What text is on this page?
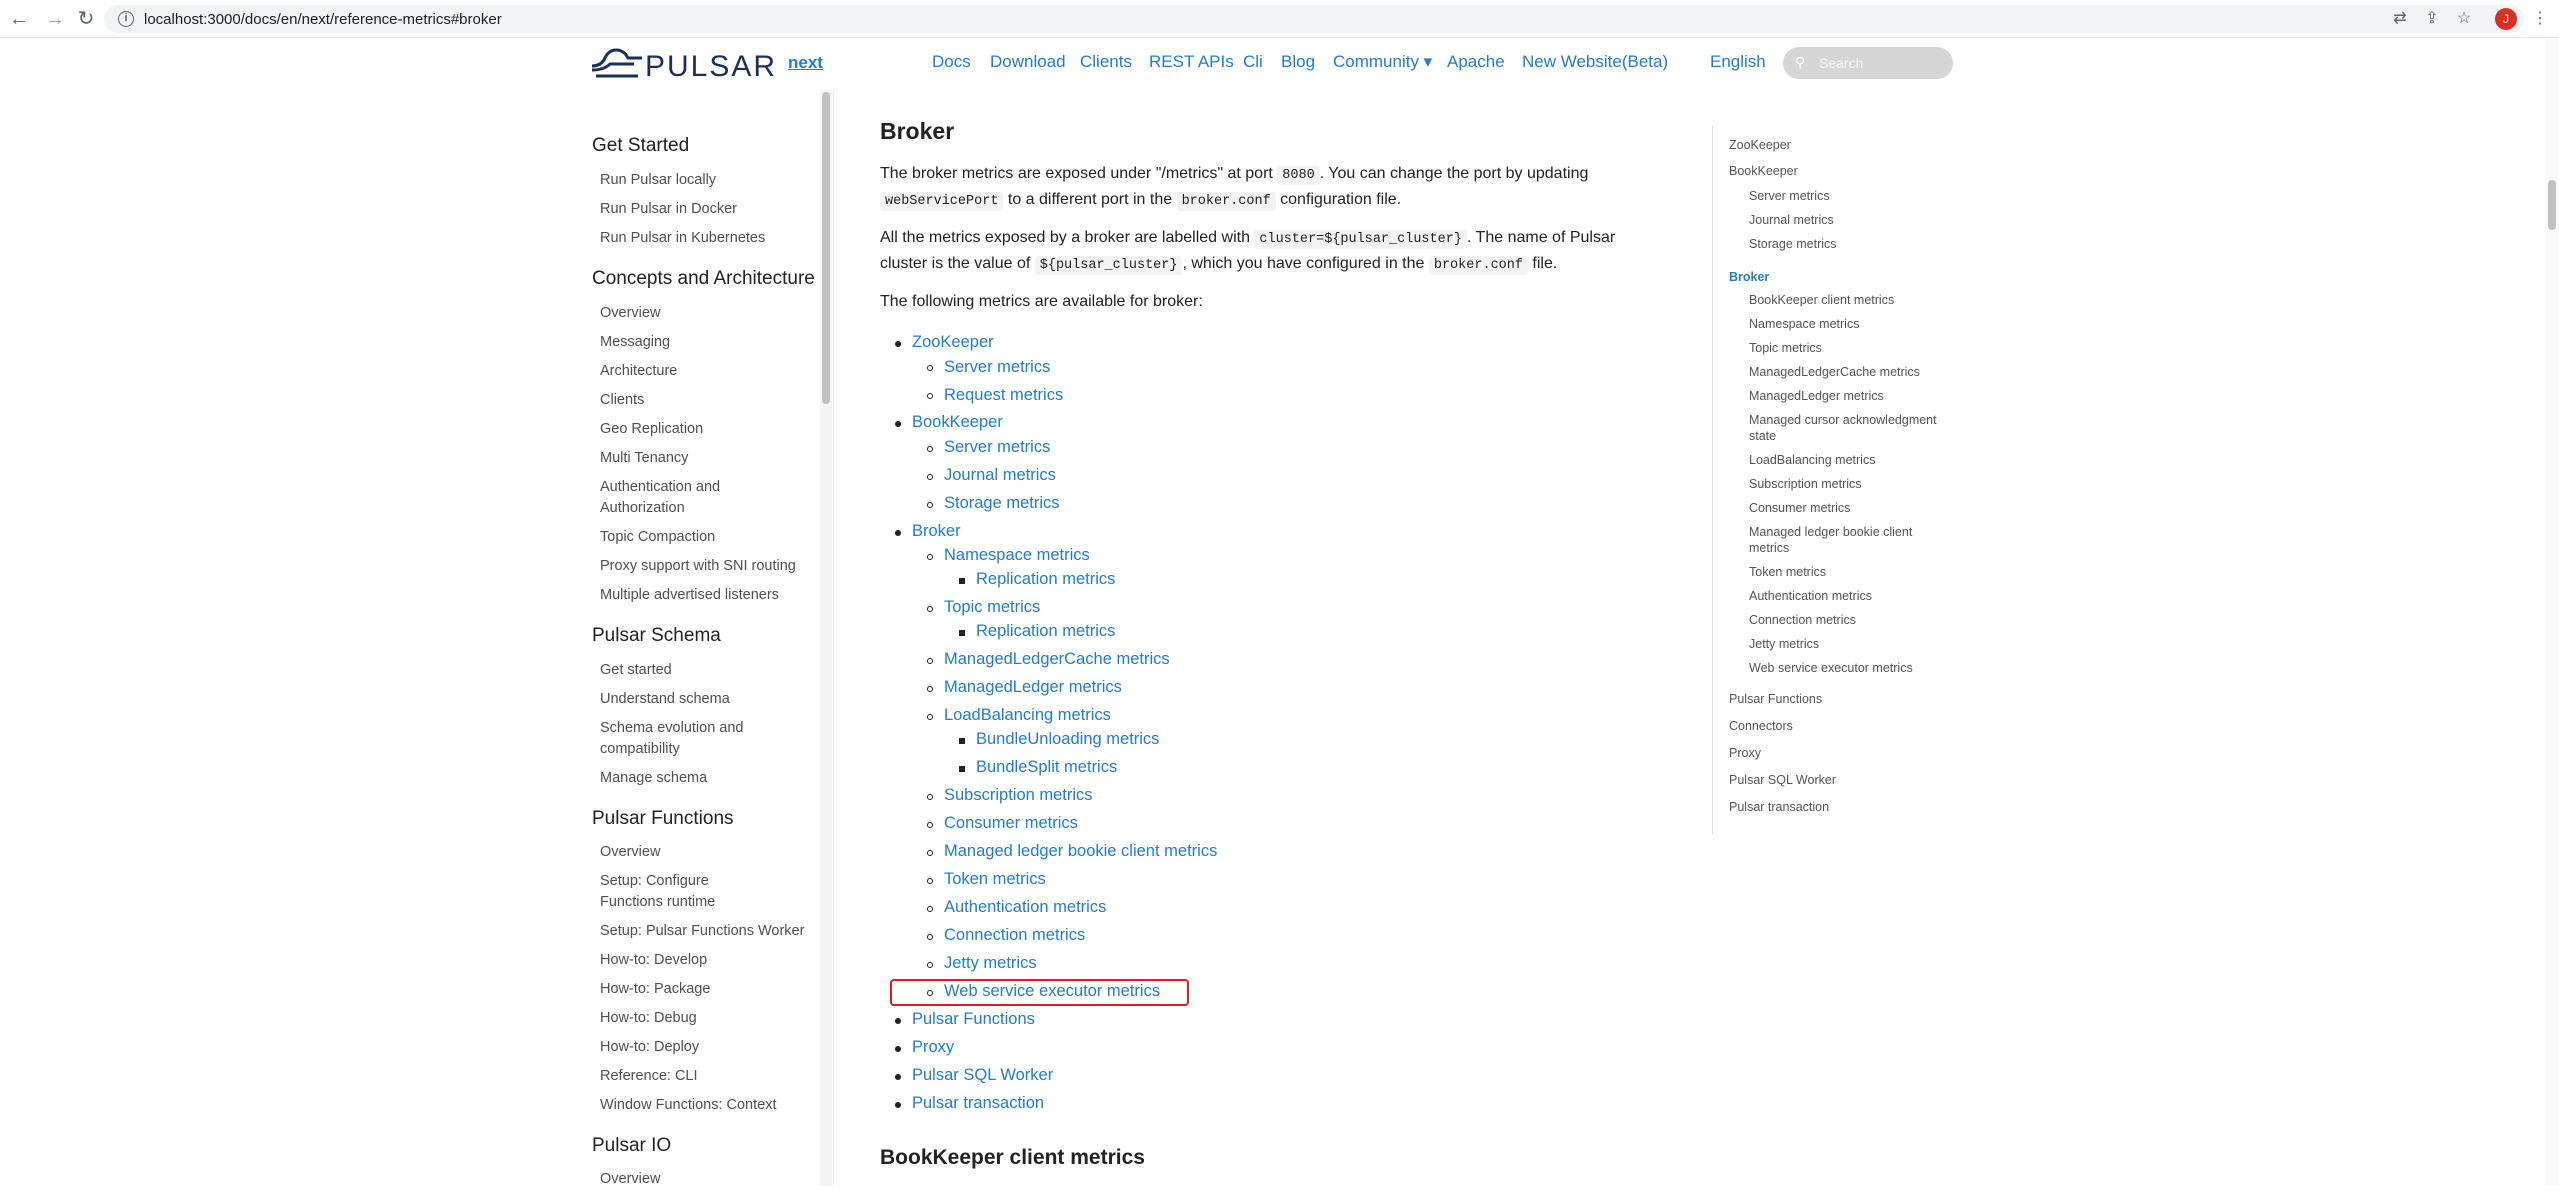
← → ↻	i	localhost:3000/docs/en/next/reference-metrics#broker	⇄ ⇪ ☆	J	⋮
PULSAR next	Docs Download Clients REST APIs Cli Blog Community ▾ Apache New Website(Beta) English ⚲
Search
Get Started
Run Pulsar locally
Run Pulsar in Docker
Run Pulsar in Kubernetes
Concepts and Architecture
Overview
Messaging
Architecture
Clients
Geo Replication
Multi Tenancy
Authentication and Authorization
Topic Compaction
Proxy support with SNI routing
Multiple advertised listeners
Pulsar Schema
Get started
Understand schema
Schema evolution and compatibility
Manage schema
Pulsar Functions
Overview
Setup: Configure Functions runtime
Setup: Pulsar Functions Worker
How-to: Develop
How-to: Package
How-to: Debug
How-to: Deploy
Reference: CLI
Window Functions: Context
Pulsar IO
Overview
Broker
The broker metrics are exposed under "/metrics" at port 8080 . You can change the port by updating webServicePort to a different port in the broker.conf configuration file.
All the metrics exposed by a broker are labelled with cluster=${pulsar_cluster} . The name of Pulsar cluster is the value of ${pulsar_cluster} , which you have configured in the broker.conf file.
The following metrics are available for broker:
ZooKeeper
Server metrics
Request metrics
BookKeeper
Server metrics
Journal metrics
Storage metrics
Broker
Namespace metrics
Replication metrics
Topic metrics
Replication metrics
ManagedLedgerCache metrics
ManagedLedger metrics
LoadBalancing metrics
BundleUnloading metrics
BundleSplit metrics
Subscription metrics
Consumer metrics
Managed ledger bookie client metrics
Token metrics
Authentication metrics
Connection metrics
Jetty metrics
Web service executor metrics
Pulsar Functions
Proxy
Pulsar SQL Worker
Pulsar transaction
BookKeeper client metrics
ZooKeeper
BookKeeper
Server metrics
Journal metrics
Storage metrics
Broker
BookKeeper client metrics
Namespace metrics
Topic metrics
ManagedLedgerCache metrics
ManagedLedger metrics
Managed cursor acknowledgment state
LoadBalancing metrics
Subscription metrics
Consumer metrics
Managed ledger bookie client metrics
Token metrics
Authentication metrics
Connection metrics
Jetty metrics
Web service executor metrics
Pulsar Functions
Connectors
Proxy
Pulsar SQL Worker
Pulsar transaction
